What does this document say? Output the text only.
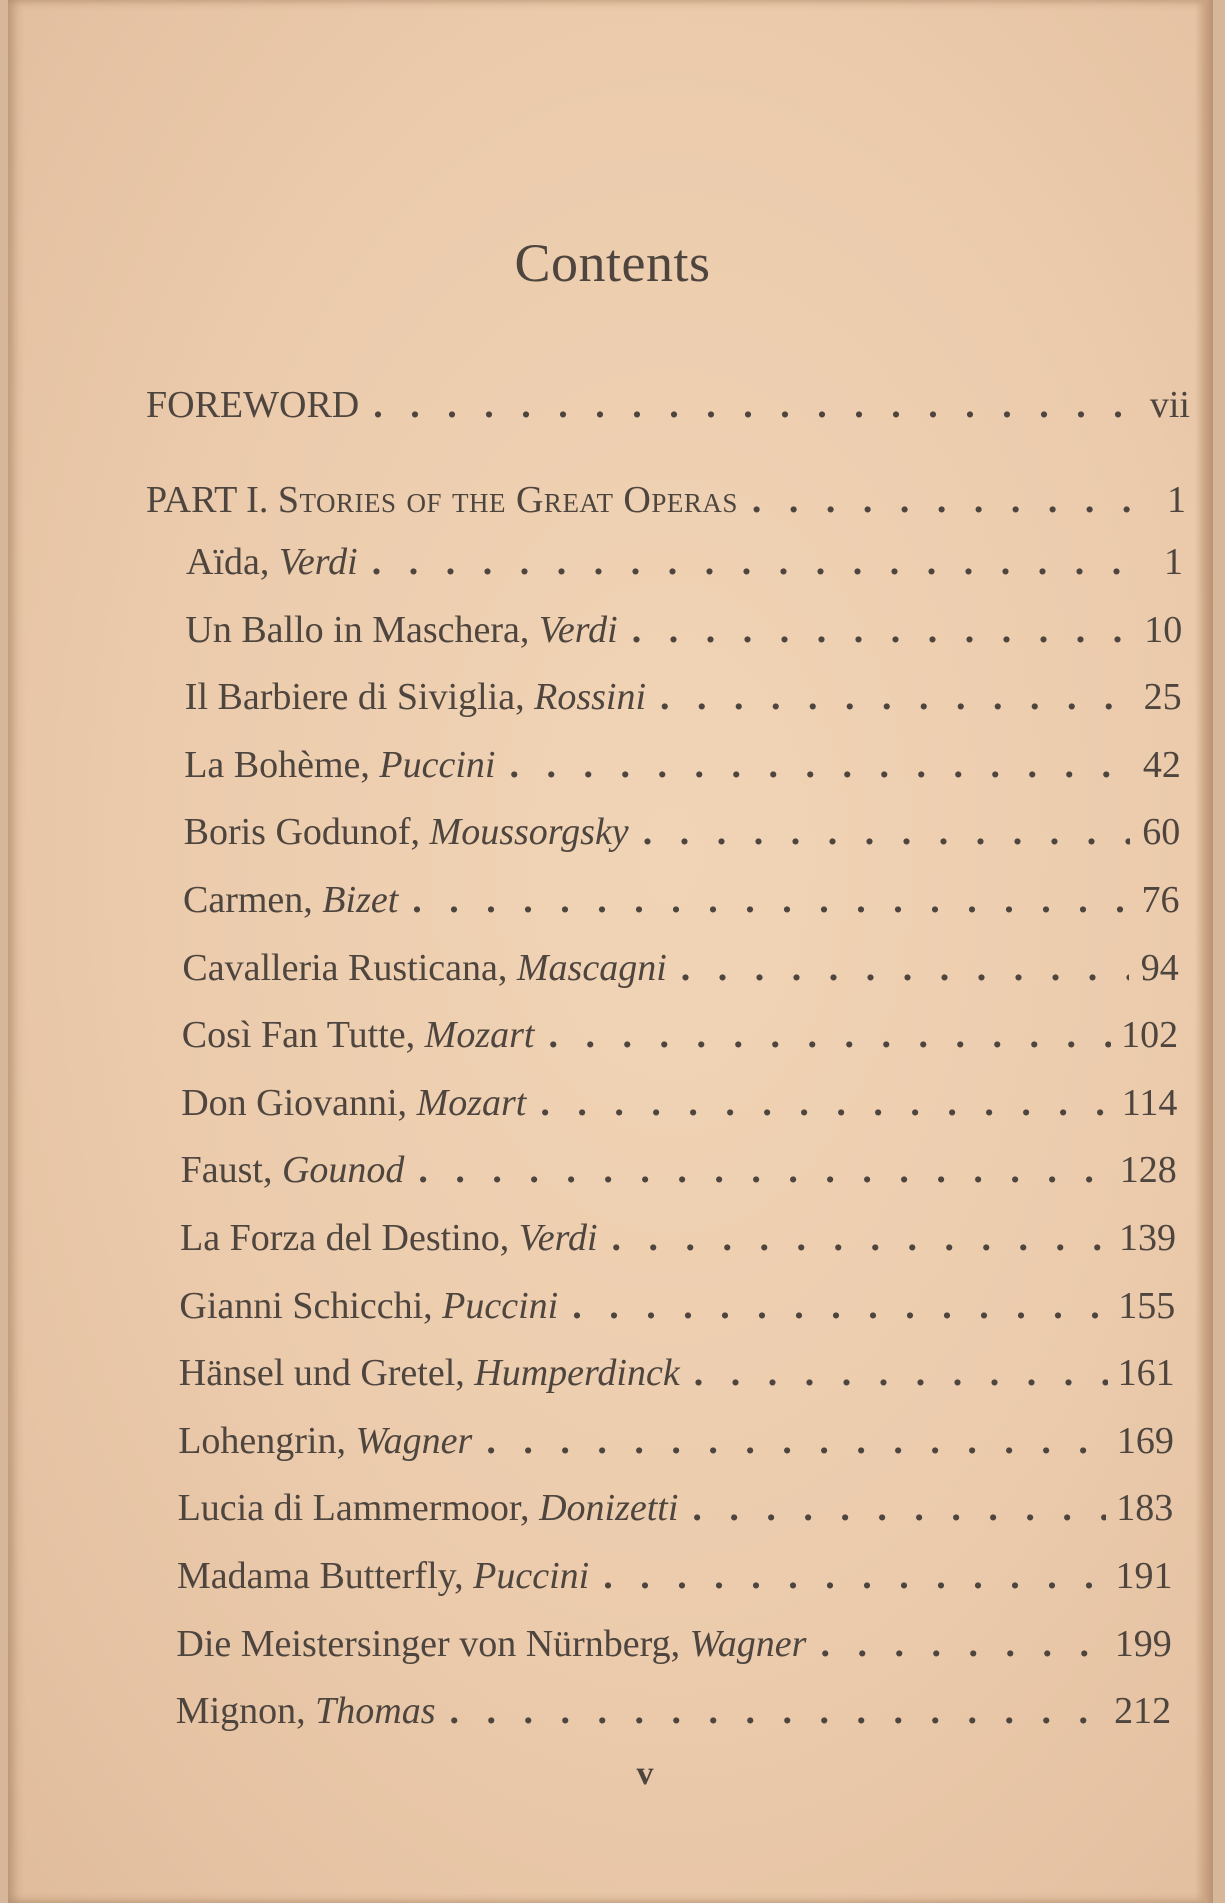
Contents
FOREWORD . . .	vii
PART I. Stories of the Great Operas . . .	1
Aïda, Verdi . . .	1
Un Ballo in Maschera, Verdi . . .	10
Il Barbiere di Siviglia, Rossini . . .	25
La Bohème, Puccini . . .	42
Boris Godunof, Moussorgsky . . .	60
Carmen, Bizet . . .	76
Cavalleria Rusticana, Mascagni . . .	94
Così Fan Tutte, Mozart . . .	102
Don Giovanni, Mozart . . .	114
Faust, Gounod . . .	128
La Forza del Destino, Verdi . . .	139
Gianni Schicchi, Puccini . . .	155
Hänsel und Gretel, Humperdinck . . .	161
Lohengrin, Wagner . . .	169
Lucia di Lammermoor, Donizetti . . .	183
Madama Butterfly, Puccini . . .	191
Die Meistersinger von Nürnberg, Wagner . . .	199
Mignon, Thomas . . .	212
v
